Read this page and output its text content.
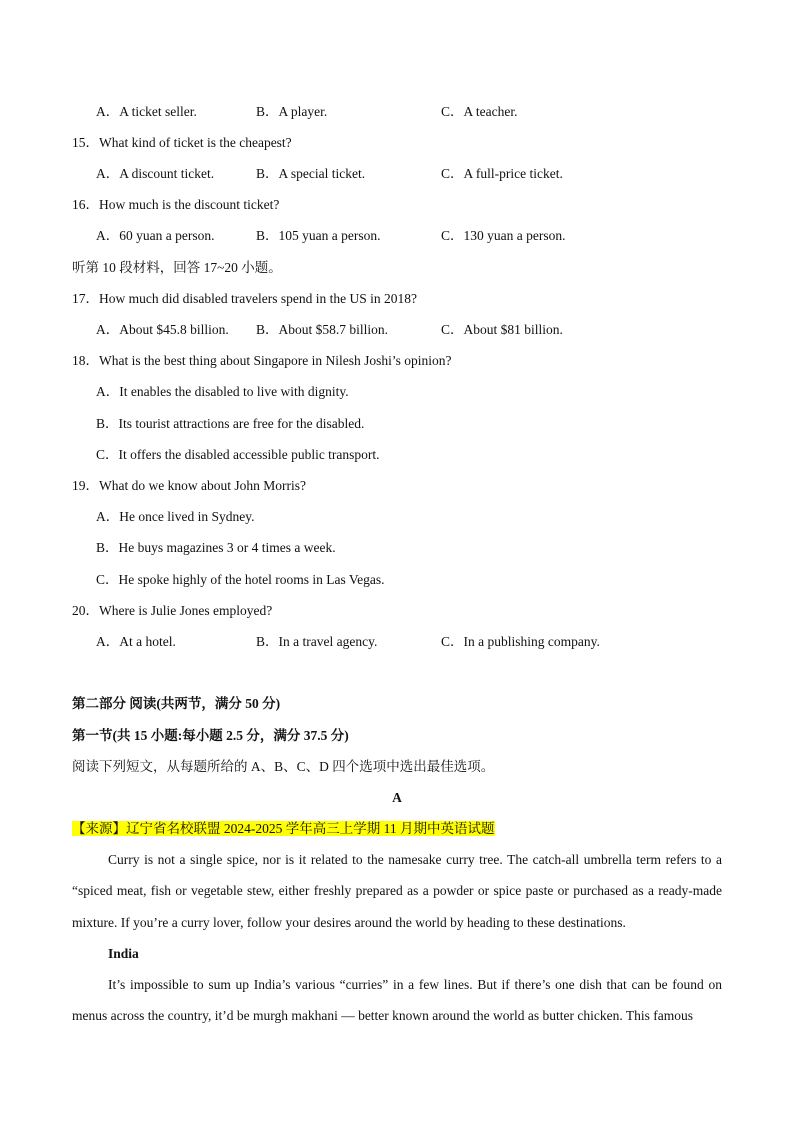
A．A ticket seller.	B．A player.	C．A teacher.
15．What kind of ticket is the cheapest?
A．A discount ticket.	B．A special ticket.	C．A full-price ticket.
16．How much is the discount ticket?
A．60 yuan a person.	B．105 yuan a person.	C．130 yuan a person.
听第 10 段材料，回答 17~20 小题。
17．How much did disabled travelers spend in the US in 2018?
A．About $45.8 billion. B．About $58.7 billion.	C．About $81 billion.
18．What is the best thing about Singapore in Nilesh Joshi’s opinion?
A．It enables the disabled to live with dignity.
B．Its tourist attractions are free for the disabled.
C．It offers the disabled accessible public transport.
19．What do we know about John Morris?
A．He once lived in Sydney.
B．He buys magazines 3 or 4 times a week.
C．He spoke highly of the hotel rooms in Las Vegas.
20．Where is Julie Jones employed?
A．At a hotel.	B．In a travel agency.	C．In a publishing company.
第二部分 阅读(共两节，满分 50 分)
第一节(共 15 小题:每小题 2.5 分，满分 37.5 分)
阅读下列短文，从每题所给的 A、B、C、D 四个选项中选出最佳选项。
A
【来源】辽宁省名校联盟 2024-2025 学年高三上学期 11 月期中英语试题
Curry is not a single spice, nor is it related to the namesake curry tree. The catch-all umbrella term refers to a “spiced meat, fish or vegetable stew, either freshly prepared as a powder or spice paste or purchased as a ready-made mixture. If you’re a curry lover, follow your desires around the world by heading to these destinations.
India
It’s impossible to sum up India’s various “curries” in a few lines. But if there’s one dish that can be found on menus across the country, it’d be murgh makhani — better known around the world as butter chicken. This famous
